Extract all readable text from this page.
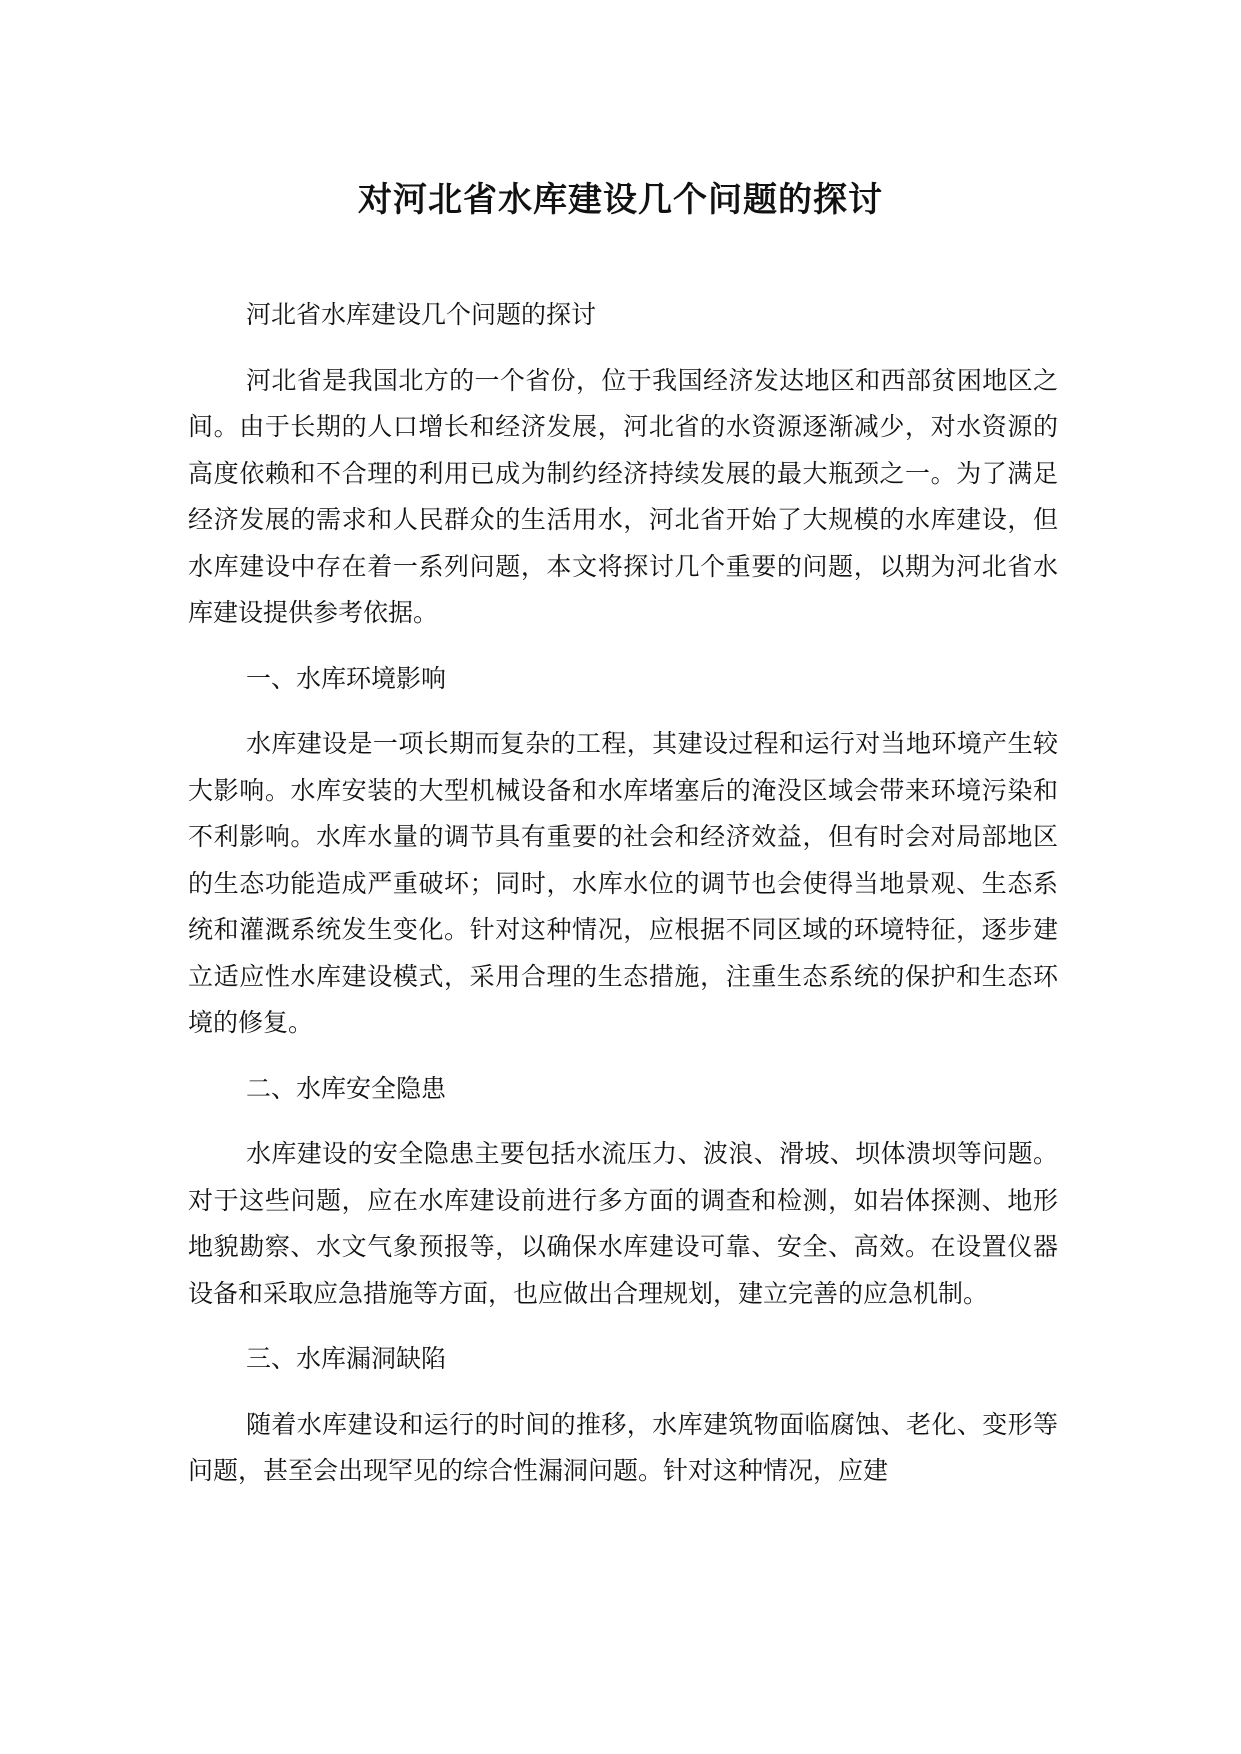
对河北省水库建设几个问题的探讨

河北省水库建设几个问题的探讨

河北省是我国北方的一个省份，位于我国经济发达地区和西部贫困地区之间。由于长期的人口增长和经济发展，河北省的水资源逐渐减少，对水资源的高度依赖和不合理的利用已成为制约经济持续发展的最大瓶颈之一。为了满足经济发展的需求和人民群众的生活用水，河北省开始了大规模的水库建设，但水库建设中存在着一系列问题，本文将探讨几个重要的问题，以期为河北省水库建设提供参考依据。

一、水库环境影响

水库建设是一项长期而复杂的工程，其建设过程和运行对当地环境产生较大影响。水库安装的大型机械设备和水库堵塞后的淹没区域会带来环境污染和不利影响。水库水量的调节具有重要的社会和经济效益，但有时会对局部地区的生态功能造成严重破坏；同时，水库水位的调节也会使得当地景观、生态系统和灌溉系统发生变化。针对这种情况，应根据不同区域的环境特征，逐步建立适应性水库建设模式，采用合理的生态措施，注重生态系统的保护和生态环境的修复。

二、水库安全隐患

水库建设的安全隐患主要包括水流压力、波浪、滑坡、坝体溃坝等问题。对于这些问题，应在水库建设前进行多方面的调查和检测，如岩体探测、地形地貌勘察、水文气象预报等，以确保水库建设可靠、安全、高效。在设置仪器设备和采取应急措施等方面，也应做出合理规划，建立完善的应急机制。

三、水库漏洞缺陷

随着水库建设和运行的时间的推移，水库建筑物面临腐蚀、老化、变形等问题，甚至会出现罕见的综合性漏洞问题。针对这种情况，应建
